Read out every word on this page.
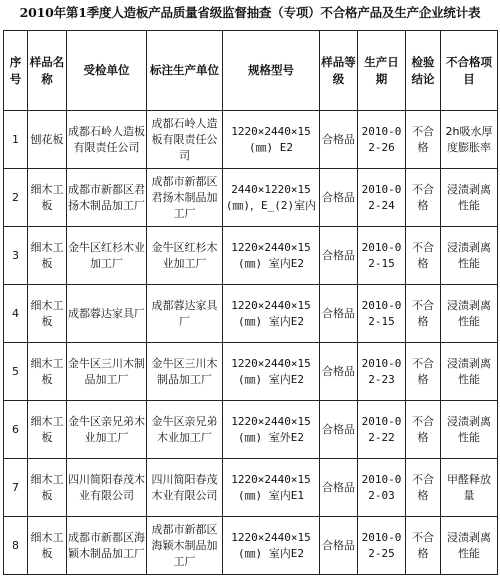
2010年第1季度人造板产品质量省级监督抽查（专项）不合格产品及生产企业统计表
序号	样品名称	受检单位	标注生产单位	规格型号	样品等级	生产日期	检验结论	不合格项目
1	刨花板	成都石岭人造板有限责任公司	成都石岭人造板有限责任公司	1220×2440×15(㎜) E2	合格品	2010-02-26	不合格	2h吸水厚度膨胀率
2	细木工板	成都市新都区君扬木制品加工厂	成都市新都区君扬木制品加工厂	2440×1220×15(㎜)，E_(2)室内	合格品	2010-02-24	不合格	浸渍剥离性能
3	细木工板	金牛区红杉木业加工厂	金牛区红杉木业加工厂	1220×2440×15(㎜) 室内E2	合格品	2010-02-15	不合格	浸渍剥离性能
4	细木工板	成都蓉达家具厂	成都蓉达家具厂	1220×2440×15(㎜) 室内E2	合格品	2010-02-15	不合格	浸渍剥离性能
5	细木工板	金牛区三川木制品加工厂	金牛区三川木制品加工厂	1220×2440×15(㎜) 室内E2	合格品	2010-02-23	不合格	浸渍剥离性能
6	细木工板	金牛区亲兄弟木业加工厂	金牛区亲兄弟木业加工厂	1220×2440×15(㎜) 室外E2	合格品	2010-02-22	不合格	浸渍剥离性能
7	细木工板	四川简阳春茂木业有限公司	四川简阳春茂木业有限公司	1220×2440×15(㎜) 室内E1	合格品	2010-02-03	不合格	甲醛释放量
8	细木工板	成都市新都区海颖木制品加工厂	成都市新都区海颖木制品加工厂	1220×2440×15(㎜) 室内E2	合格品	2010-02-25	不合格	浸渍剥离性能
